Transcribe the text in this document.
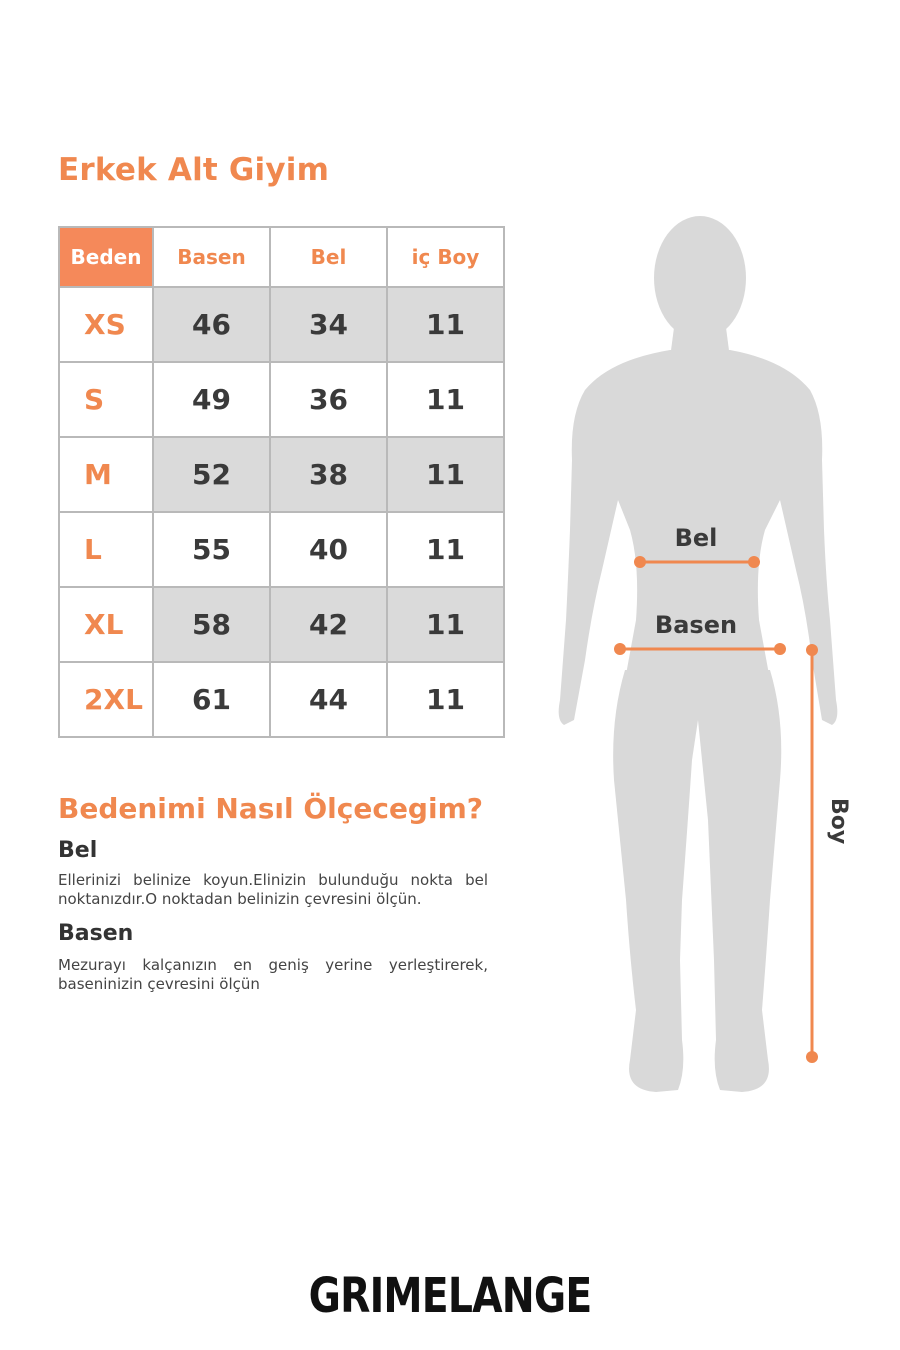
Erkek Alt Giyim
Beden	Basen	Bel	iç Boy
XS	46	34	11
S	49	36	11
M	52	38	11
L	55	40	11
XL	58	42	11
2XL	61	44	11
Bedenimi Nasıl Ölçecegim?
Bel

Ellerinizi belinize koyun.Elinizin bulunduğu nokta bel noktanızdır.O noktadan belinizin çevresini ölçün.

Basen

Mezurayı kalçanızın en geniş yerine yerleştirerek, baseninizin çevresini ölçün

Bel
Basen
Boy
GRIMELANGE
